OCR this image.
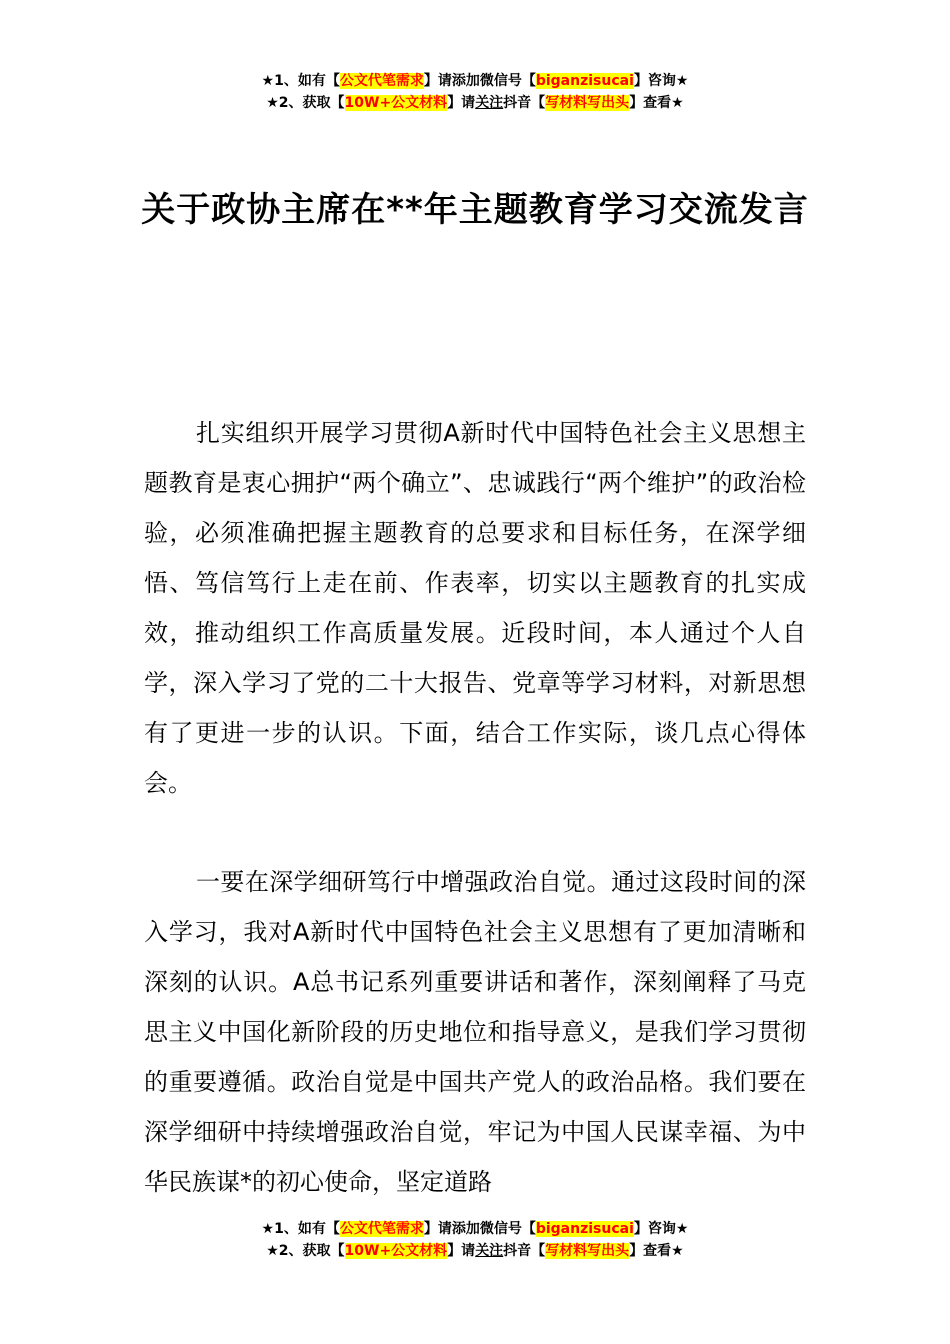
★1、如有【公文代笔需求】请添加微信号【biganzisucai】咨询★
★2、获取【10W+公文材料】请关注抖音【写材料写出头】查看★
关于政协主席在**年主题教育学习交流发言

扎实组织开展学习贯彻A新时代中国特色社会主义思想主题教育是衷心拥护“两个确立”、忠诚践行“两个维护”的政治检验，必须准确把握主题教育的总要求和目标任务，在深学细悟、笃信笃行上走在前、作表率，切实以主题教育的扎实成效，推动组织工作高质量发展。近段时间，本人通过个人自学，深入学习了党的二十大报告、党章等学习材料，对新思想有了更进一步的认识。下面，结合工作实际，谈几点心得体会。

一要在深学细研笃行中增强政治自觉。通过这段时间的深入学习，我对A新时代中国特色社会主义思想有了更加清晰和深刻的认识。A总书记系列重要讲话和著作，深刻阐释了马克思主义中国化新阶段的历史地位和指导意义，是我们学习贯彻的重要遵循。政治自觉是中国共产党人的政治品格。我们要在深学细研中持续增强政治自觉，牢记为中国人民谋幸福、为中华民族谋*的初心使命，坚定道路

★1、如有【公文代笔需求】请添加微信号【biganzisucai】咨询★
★2、获取【10W+公文材料】请关注抖音【写材料写出头】查看★
